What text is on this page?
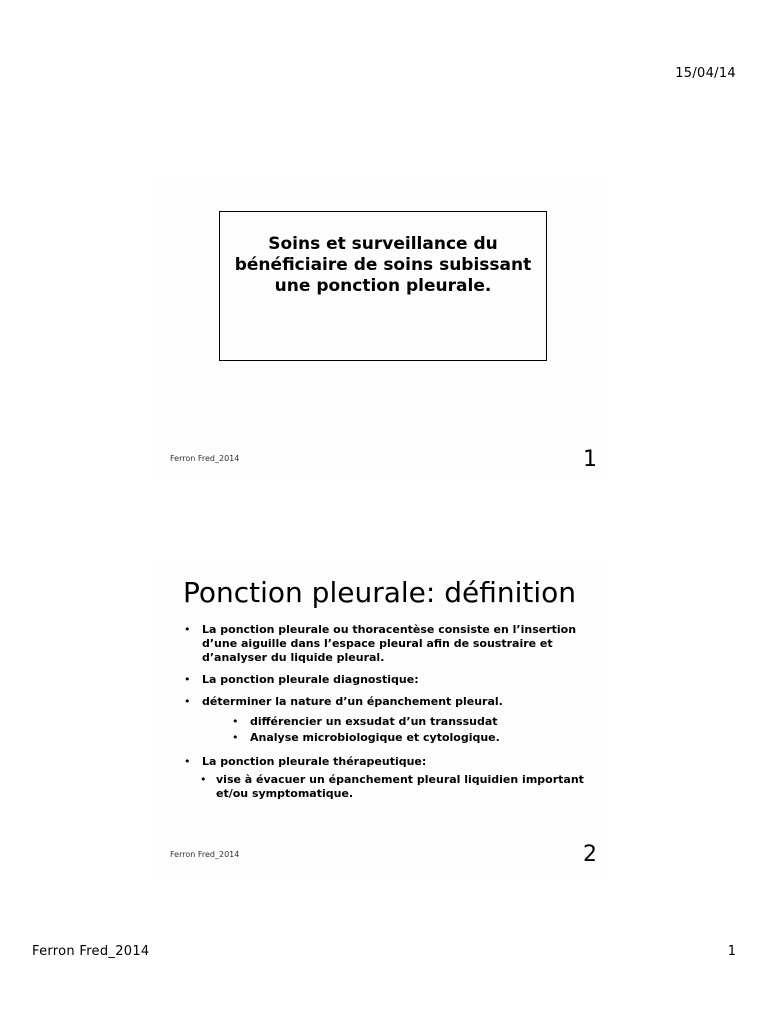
15/04/14
Soins et surveillance du
bénéficiaire de soins subissant
une ponction pleurale.
Ferron Fred_2014	1
Ponction pleurale: définition
• La ponction pleurale ou thoracentèse consiste en l’insertion d’une aiguille dans l’espace pleural afin de soustraire et d’analyser du liquide pleural.
• La ponction pleurale diagnostique:
• déterminer la nature d’un épanchement pleural.
• différencier un exsudat d’un transsudat
• Analyse microbiologique et cytologique.
• La ponction pleurale thérapeutique:
• vise à évacuer un épanchement pleural liquidien important et/ou symptomatique.
Ferron Fred_2014	2
Ferron Fred_2014	1
